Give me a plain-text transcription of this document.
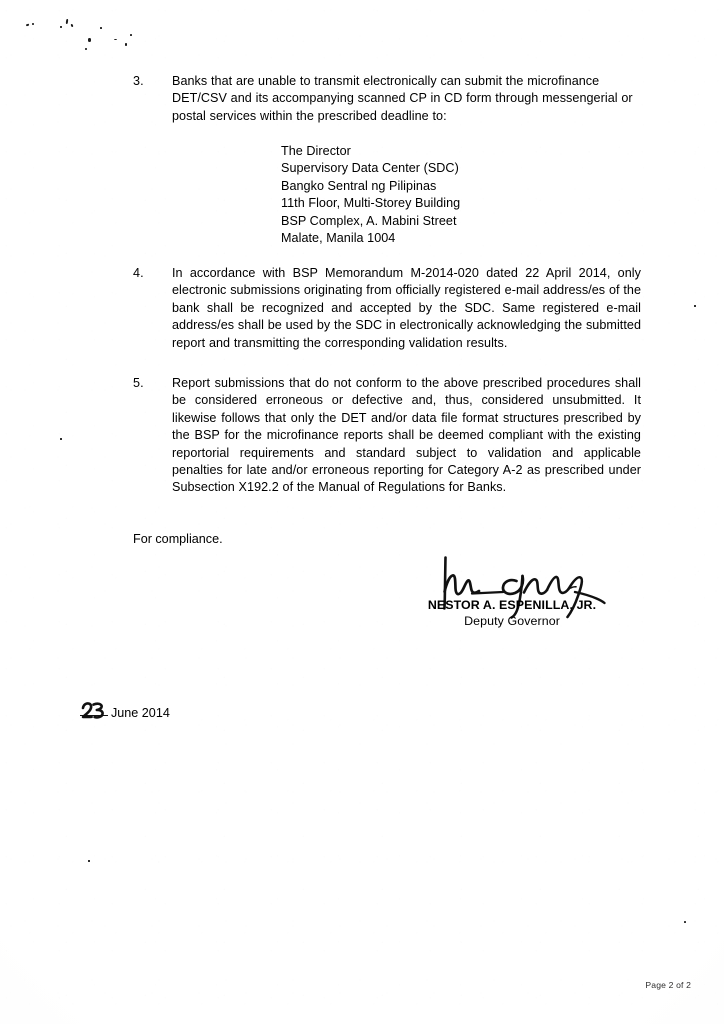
3.	Banks that are unable to transmit electronically can submit the microfinance DET/CSV and its accompanying scanned CP in CD form through messengerial or postal services within the prescribed deadline to:
The Director
Supervisory Data Center (SDC)
Bangko Sentral ng Pilipinas
11th Floor, Multi-Storey Building
BSP Complex, A. Mabini Street
Malate, Manila 1004
4.	In accordance with BSP Memorandum M-2014-020 dated 22 April 2014, only electronic submissions originating from officially registered e-mail address/es of the bank shall be recognized and accepted by the SDC. Same registered e-mail address/es shall be used by the SDC in electronically acknowledging the submitted report and transmitting the corresponding validation results.
5.	Report submissions that do not conform to the above prescribed procedures shall be considered erroneous or defective and, thus, considered unsubmitted. It likewise follows that only the DET and/or data file format structures prescribed by the BSP for the microfinance reports shall be deemed compliant with the existing reportorial requirements and standard subject to validation and applicable penalties for late and/or erroneous reporting for Category A-2 as prescribed under Subsection X192.2 of the Manual of Regulations for Banks.
For compliance.
NESTOR A. ESPENILLA, JR.
Deputy Governor
June 2014
Page 2 of 2
